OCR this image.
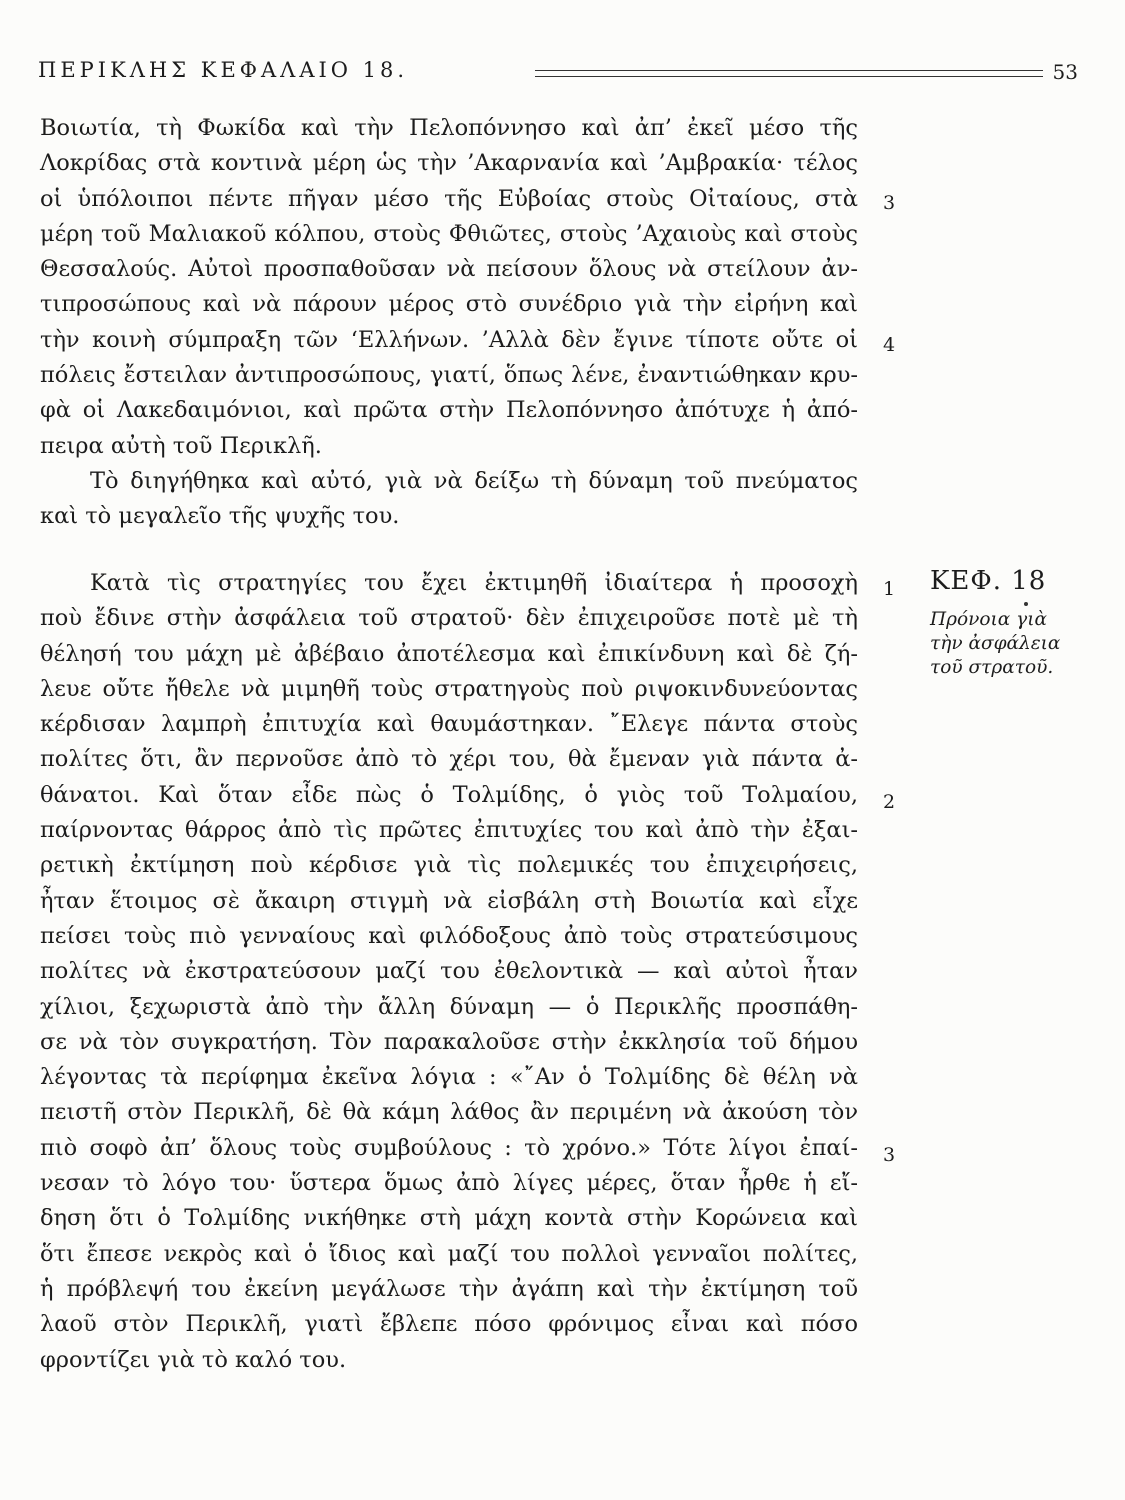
ΠΕΡΙΚΛΗΣ ΚΕΦΑΛΑΙΟ 18.	53
Βοιωτία, τὴ Φωκίδα καὶ τὴν Πελοπόννησο καὶ ἀπ’ ἐκεῖ μέσο τῆς
Λοκρίδας στὰ κοντινὰ μέρη ὡς τὴν ’Ακαρνανία καὶ ’Αμβρακία· τέλος
οἱ ὑπόλοιποι πέντε πῆγαν μέσο τῆς Εὐβοίας στοὺς Οἰταίους, στὰ
μέρη τοῦ Μαλιακοῦ κόλπου, στοὺς Φθιῶτες, στοὺς ’Αχαιοὺς καὶ στοὺς
Θεσσαλούς. Αὐτοὶ προσπαθοῦσαν νὰ πείσουν ὅλους νὰ στείλουν ἀν-
τιπροσώπους καὶ νὰ πάρουν μέρος στὸ συνέδριο γιὰ τὴν εἰρήνη καὶ
τὴν κοινὴ σύμπραξη τῶν ‘Ελλήνων. ’Αλλὰ δὲν ἔγινε τίποτε οὔτε οἱ
πόλεις ἔστειλαν ἀντιπροσώπους, γιατί, ὅπως λένε, ἐναντιώθηκαν κρυ-
φὰ οἱ Λακεδαιμόνιοι, καὶ πρῶτα στὴν Πελοπόννησο ἀπότυχε ἡ ἀπό-
πειρα αὐτὴ τοῦ Περικλῆ.
Τὸ διηγήθηκα καὶ αὐτό, γιὰ νὰ δείξω τὴ δύναμη τοῦ πνεύματος
καὶ τὸ μεγαλεῖο τῆς ψυχῆς του.
Κατὰ τὶς στρατηγίες του ἔχει ἐκτιμηθῆ ἰδιαίτερα ἡ προσοχὴ
ποὺ ἔδινε στὴν ἀσφάλεια τοῦ στρατοῦ· δὲν ἐπιχειροῦσε ποτὲ μὲ τὴ
θέλησή του μάχη μὲ ἀβέβαιο ἀποτέλεσμα καὶ ἐπικίνδυνη καὶ δὲ ζή-
λευε οὔτε ἤθελε νὰ μιμηθῆ τοὺς στρατηγοὺς ποὺ ριψοκινδυνεύοντας
κέρδισαν λαμπρὴ ἐπιτυχία καὶ θαυμάστηκαν. ῎Ελεγε πάντα στοὺς
πολίτες ὅτι, ἂν περνοῦσε ἀπὸ τὸ χέρι του, θὰ ἔμεναν γιὰ πάντα ἀ-
θάνατοι. Καὶ ὅταν εἶδε πὼς ὁ Τολμίδης, ὁ γιὸς τοῦ Τολμαίου,
παίρνοντας θάρρος ἀπὸ τὶς πρῶτες ἐπιτυχίες του καὶ ἀπὸ τὴν ἐξαι-
ρετικὴ ἐκτίμηση ποὺ κέρδισε γιὰ τὶς πολεμικές του ἐπιχειρήσεις,
ἦταν ἕτοιμος σὲ ἄκαιρη στιγμὴ νὰ εἰσβάλη στὴ Βοιωτία καὶ εἶχε
πείσει τοὺς πιὸ γενναίους καὶ φιλόδοξους ἀπὸ τοὺς στρατεύσιμους
πολίτες νὰ ἐκστρατεύσουν μαζί του ἐθελοντικὰ — καὶ αὐτοὶ ἦταν
χίλιοι, ξεχωριστὰ ἀπὸ τὴν ἄλλη δύναμη — ὁ Περικλῆς προσπάθη-
σε νὰ τὸν συγκρατήση. Τὸν παρακαλοῦσε στὴν ἐκκλησία τοῦ δήμου
λέγοντας τὰ περίφημα ἐκεῖνα λόγια : «῎Αν ὁ Τολμίδης δὲ θέλη νὰ
πειστῆ στὸν Περικλῆ, δὲ θὰ κάμη λάθος ἂν περιμένη νὰ ἀκούση τὸν
πιὸ σοφὸ ἀπ’ ὅλους τοὺς συμβούλους : τὸ χρόνο.» Τότε λίγοι ἐπαί-
νεσαν τὸ λόγο του· ὕστερα ὅμως ἀπὸ λίγες μέρες, ὅταν ἦρθε ἡ εἴ-
δηση ὅτι ὁ Τολμίδης νικήθηκε στὴ μάχη κοντὰ στὴν Κορώνεια καὶ
ὅτι ἔπεσε νεκρὸς καὶ ὁ ἴδιος καὶ μαζί του πολλοὶ γενναῖοι πολίτες,
ἡ πρόβλεψή του ἐκείνη μεγάλωσε τὴν ἀγάπη καὶ τὴν ἐκτίμηση τοῦ
λαοῦ στὸν Περικλῆ, γιατὶ ἔβλεπε πόσο φρόνιμος εἶναι καὶ πόσο
φροντίζει γιὰ τὸ καλό του.
3
4
1
2
3
ΚΕΦ. 18
Πρόνοια γιὰ
τὴν ἀσφάλεια
τοῦ στρατοῦ.
